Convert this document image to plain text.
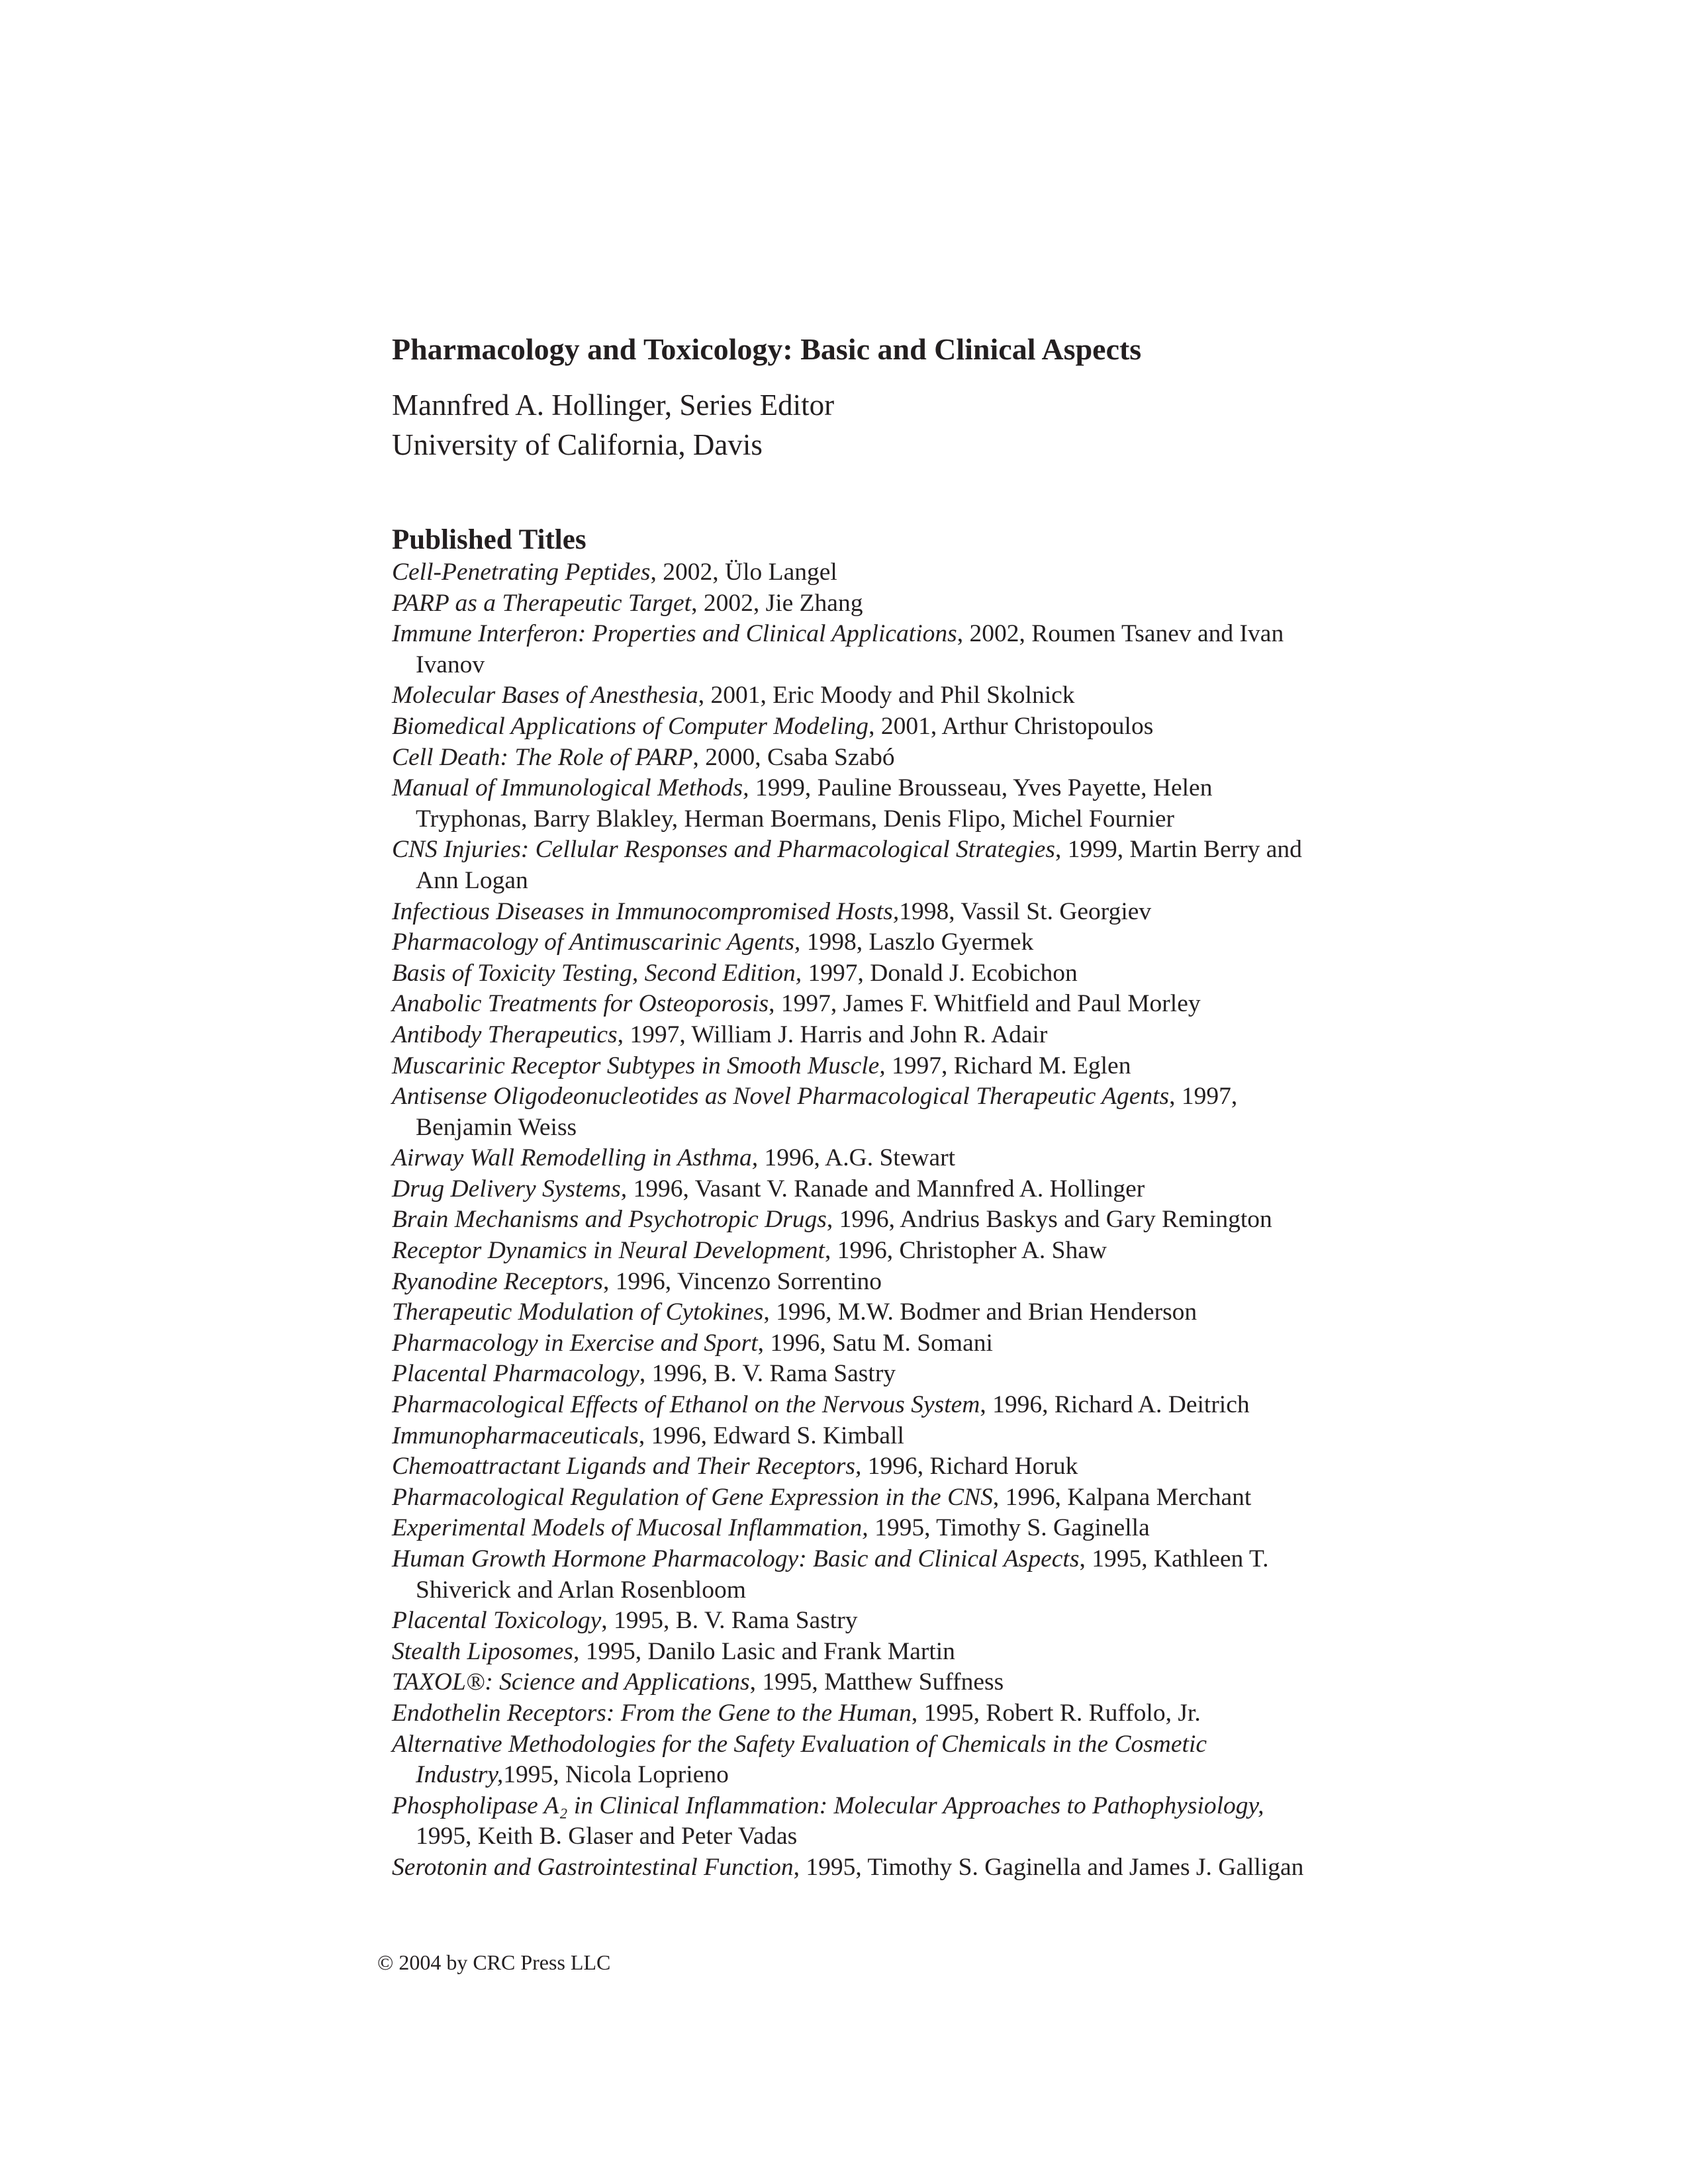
Pharmacology and Toxicology: Basic and Clinical Aspects
Mannfred A. Hollinger, Series Editor
University of California, Davis
Published Titles
Cell-Penetrating Peptides, 2002, Ülo Langel
PARP as a Therapeutic Target, 2002, Jie Zhang
Immune Interferon: Properties and Clinical Applications, 2002, Roumen Tsanev and Ivan Ivanov
Molecular Bases of Anesthesia, 2001, Eric Moody and Phil Skolnick
Biomedical Applications of Computer Modeling, 2001, Arthur Christopoulos
Cell Death: The Role of PARP, 2000, Csaba Szabó
Manual of Immunological Methods, 1999, Pauline Brousseau, Yves Payette, Helen Tryphonas, Barry Blakley, Herman Boermans, Denis Flipo, Michel Fournier
CNS Injuries: Cellular Responses and Pharmacological Strategies, 1999, Martin Berry and Ann Logan
Infectious Diseases in Immunocompromised Hosts,1998, Vassil St. Georgiev
Pharmacology of Antimuscarinic Agents, 1998, Laszlo Gyermek
Basis of Toxicity Testing, Second Edition, 1997, Donald J. Ecobichon
Anabolic Treatments for Osteoporosis, 1997, James F. Whitfield and Paul Morley
Antibody Therapeutics, 1997, William J. Harris and John R. Adair
Muscarinic Receptor Subtypes in Smooth Muscle, 1997, Richard M. Eglen
Antisense Oligodeonucleotides as Novel Pharmacological Therapeutic Agents, 1997, Benjamin Weiss
Airway Wall Remodelling in Asthma, 1996, A.G. Stewart
Drug Delivery Systems, 1996, Vasant V. Ranade and Mannfred A. Hollinger
Brain Mechanisms and Psychotropic Drugs, 1996, Andrius Baskys and Gary Remington
Receptor Dynamics in Neural Development, 1996, Christopher A. Shaw
Ryanodine Receptors, 1996, Vincenzo Sorrentino
Therapeutic Modulation of Cytokines, 1996, M.W. Bodmer and Brian Henderson
Pharmacology in Exercise and Sport, 1996, Satu M. Somani
Placental Pharmacology, 1996, B. V. Rama Sastry
Pharmacological Effects of Ethanol on the Nervous System, 1996, Richard A. Deitrich
Immunopharmaceuticals, 1996, Edward S. Kimball
Chemoattractant Ligands and Their Receptors, 1996, Richard Horuk
Pharmacological Regulation of Gene Expression in the CNS, 1996, Kalpana Merchant
Experimental Models of Mucosal Inflammation, 1995, Timothy S. Gaginella
Human Growth Hormone Pharmacology: Basic and Clinical Aspects, 1995, Kathleen T. Shiverick and Arlan Rosenbloom
Placental Toxicology, 1995, B. V. Rama Sastry
Stealth Liposomes, 1995, Danilo Lasic and Frank Martin
TAXOL®: Science and Applications, 1995, Matthew Suffness
Endothelin Receptors: From the Gene to the Human, 1995, Robert R. Ruffolo, Jr.
Alternative Methodologies for the Safety Evaluation of Chemicals in the Cosmetic Industry,1995, Nicola Loprieno
Phospholipase A₂ in Clinical Inflammation: Molecular Approaches to Pathophysiology, 1995, Keith B. Glaser and Peter Vadas
Serotonin and Gastrointestinal Function, 1995, Timothy S. Gaginella and James J. Galligan
© 2004 by CRC Press LLC
